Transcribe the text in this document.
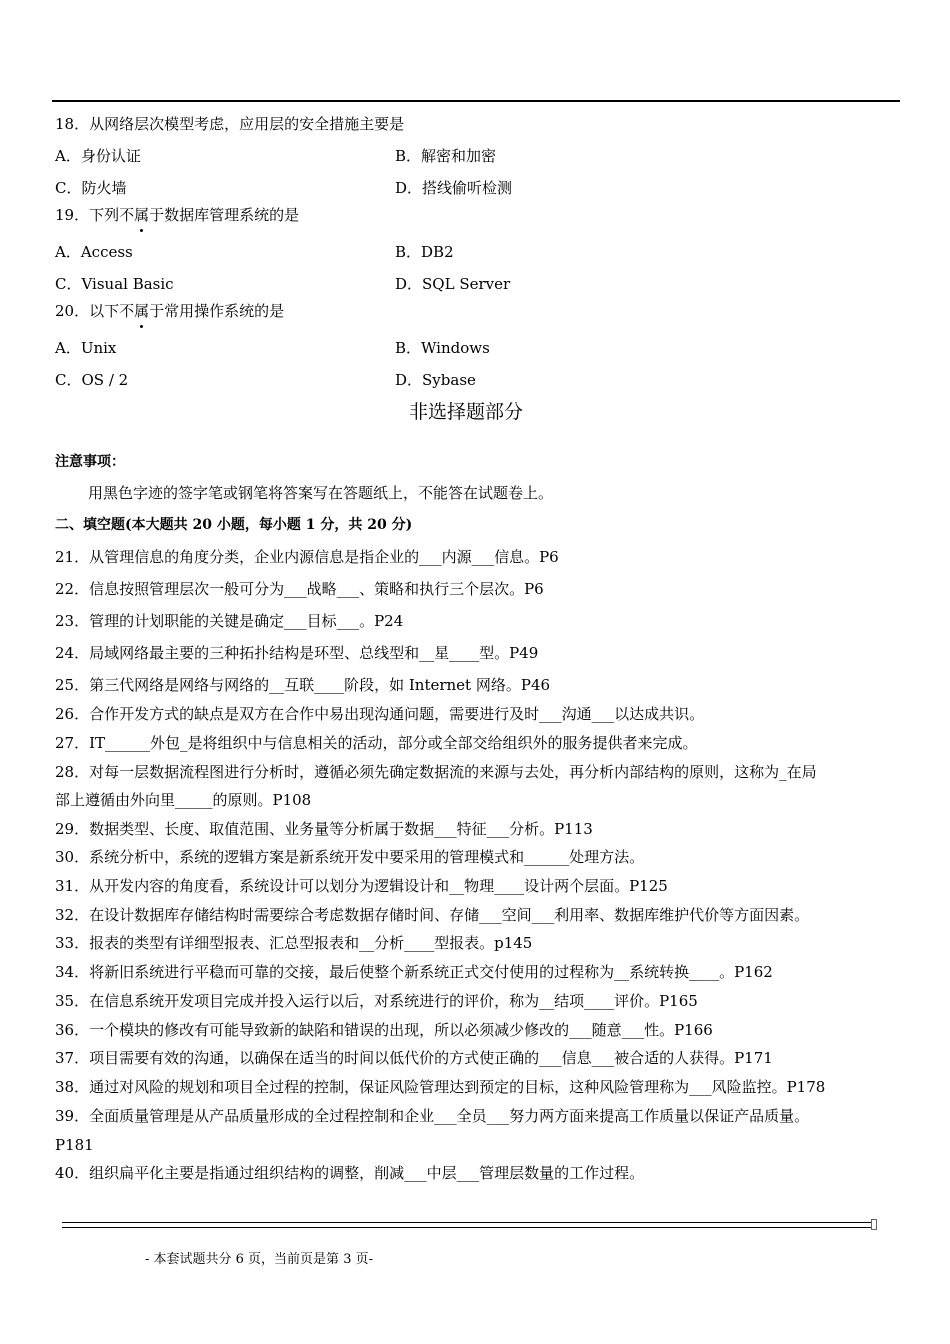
18．从网络层次模型考虑，应用层的安全措施主要是
A．身份认证	B．解密和加密
C．防火墙	D．搭线偷听检测
19．下列不属于数据库管理系统的是
A．Access	B．DB2
C．Visual Basic	D．SQL Server
20．以下不属于常用操作系统的是
A．Unix	B．Windows
C．OS / 2	D．Sybase
非选择题部分
注意事项：
用黑色字迹的签字笔或钢笔将答案写在答题纸上，不能答在试题卷上。
二、填空题(本大题共 20 小题，每小题 1 分，共 20 分)
21．从管理信息的角度分类，企业内源信息是指企业的___内源___信息。P6
22．信息按照管理层次一般可分为___战略___、策略和执行三个层次。P6
23．管理的计划职能的关键是确定___目标___。P24
24．局域网络最主要的三种拓扑结构是环型、总线型和__星____型。P49
25．第三代网络是网络与网络的__互联____阶段，如 Internet 网络。P46
26．合作开发方式的缺点是双方在合作中易出现沟通问题，需要进行及时___沟通___以达成共识。
27．IT______外包_是将组织中与信息相关的活动，部分或全部交给组织外的服务提供者来完成。
28．对每一层数据流程图进行分析时，遵循必须先确定数据流的来源与去处，再分析内部结构的原则，这称为_在局
部上遵循由外向里_____的原则。P108
29．数据类型、长度、取值范围、业务量等分析属于数据___特征___分析。P113
30．系统分析中，系统的逻辑方案是新系统开发中要采用的管理模式和______处理方法。
31．从开发内容的角度看，系统设计可以划分为逻辑设计和__物理____设计两个层面。P125
32．在设计数据库存储结构时需要综合考虑数据存储时间、存储___空间___利用率、数据库维护代价等方面因素。
33．报表的类型有详细型报表、汇总型报表和__分析____型报表。p145
34．将新旧系统进行平稳而可靠的交接，最后使整个新系统正式交付使用的过程称为__系统转换____。P162
35．在信息系统开发项目完成并投入运行以后，对系统进行的评价，称为__结项____评价。P165
36．一个模块的修改有可能导致新的缺陷和错误的出现，所以必须减少修改的___随意___性。P166
37．项目需要有效的沟通，以确保在适当的时间以低代价的方式使正确的___信息___被合适的人获得。P171
38．通过对风险的规划和项目全过程的控制，保证风险管理达到预定的目标，这种风险管理称为___风险监控。P178
39．全面质量管理是从产品质量形成的全过程控制和企业___全员___努力两方面来提高工作质量以保证产品质量。
P181
40．组织扁平化主要是指通过组织结构的调整，削减___中层___管理层数量的工作过程。
- 本套试题共分 6 页，当前页是第 3 页-
